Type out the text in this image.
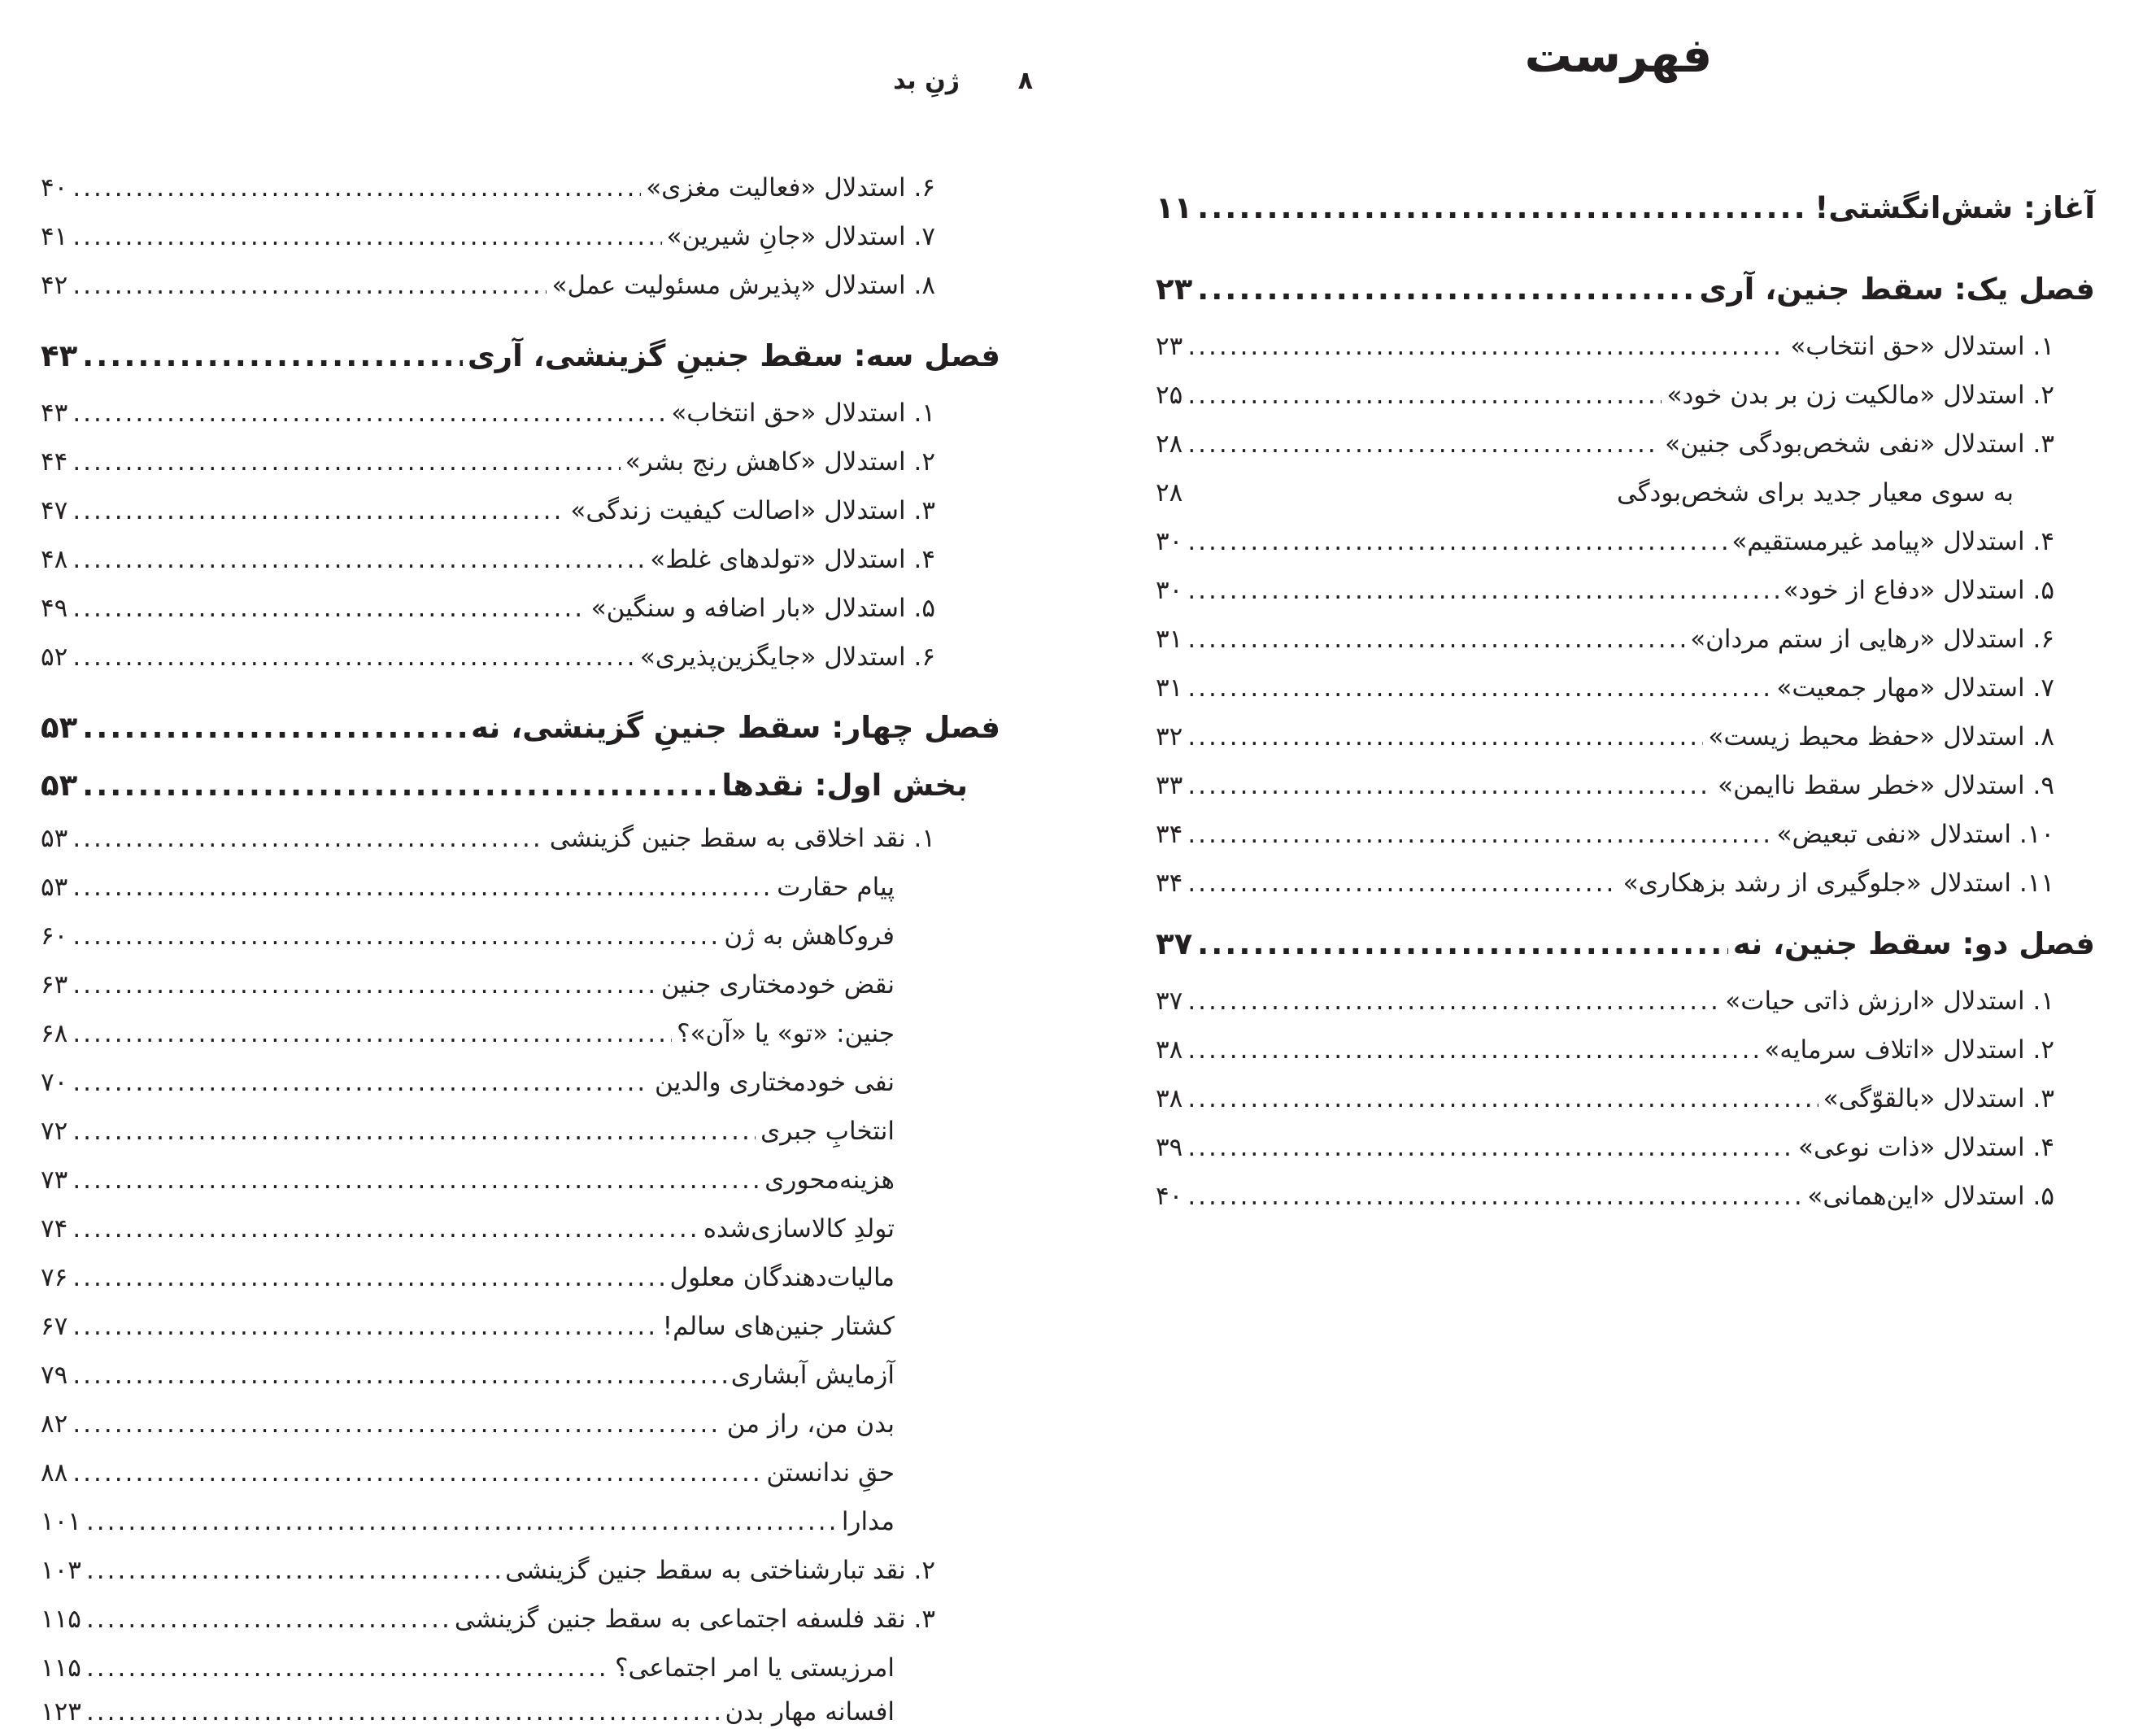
فهرست
۸
ژنِ بد
آغاز: شش‌انگشتی!
.....
۱۱
فصل یک: سقط جنین، آری
.....
۲۳
۱. استدلال «حق انتخاب»
.....
۲۳
۲. استدلال «مالکیت زن بر بدن خود»
.....
۲۵
۳. استدلال «نفی شخص‌بودگی جنین»
.....
۲۸
به سوی معیار جدید برای شخص‌بودگی
۲۸
۴. استدلال «پیامد غیرمستقیم»
.....
۳۰
۵. استدلال «دفاع از خود»
.....
۳۰
۶. استدلال «رهایی از ستم مردان»
.....
۳۱
۷. استدلال «مهار جمعیت»
.....
۳۱
۸. استدلال «حفظ محیط زیست»
.....
۳۲
۹. استدلال «خطر سقط ناایمن»
.....
۳۳
۱۰. استدلال «نفی تبعیض»
.....
۳۴
۱۱. استدلال «جلوگیری از رشد بزهکاری»
.....
۳۴
فصل دو: سقط جنین، نه
.....
۳۷
۱. استدلال «ارزش ذاتی حیات»
.....
۳۷
۲. استدلال «اتلاف سرمایه»
.....
۳۸
۳. استدلال «بالقوّگی»
.....
۳۸
۴. استدلال «ذات نوعی»
.....
۳۹
۵. استدلال «این‌همانی»
.....
۴۰
۶. استدلال «فعالیت مغزی»
.....
۴۰
۷. استدلال «جانِ شیرین»
.....
۴۱
۸. استدلال «پذیرش مسئولیت عمل»
.....
۴۲
فصل سه: سقط جنینِ گزینشی، آری
.....
۴۳
۱. استدلال «حق انتخاب»
.....
۴۳
۲. استدلال «کاهش رنج بشر»
.....
۴۴
۳. استدلال «اصالت کیفیت زندگی»
.....
۴۷
۴. استدلال «تولدهای غلط»
.....
۴۸
۵. استدلال «بار اضافه و سنگین»
.....
۴۹
۶. استدلال «جایگزین‌پذیری»
.....
۵۲
فصل چهار: سقط جنینِ گزینشی، نه
.....
۵۳
بخش اول: نقدها
.....
۵۳
۱. نقد اخلاقی به سقط جنین گزینشی
.....
۵۳
پیام حقارت
.....
۵۳
فروکاهش به ژن
.....
۶۰
نقض خودمختاری جنین
.....
۶۳
جنین: «تو» یا «آن»؟
.....
۶۸
نفی خودمختاری والدین
.....
۷۰
انتخابِ جبری
.....
۷۲
هزینه‌محوری
.....
۷۳
تولدِ کالاسازی‌شده
.....
۷۴
مالیات‌دهندگان معلول
.....
۷۶
کشتار جنین‌های سالم!
.....
۶۷
آزمایش آبشاری
.....
۷۹
بدن من، راز من
.....
۸۲
حقِ ندانستن
.....
۸۸
مدارا
.....
۱۰۱
۲. نقد تبارشناختی به سقط جنین گزینشی
.....
۱۰۳
۳. نقد فلسفه اجتماعی به سقط جنین گزینشی
.....
۱۱۵
امرزیستی یا امر اجتماعی؟
.....
۱۱۵
افسانه مهار بدن
.....
۱۲۳
